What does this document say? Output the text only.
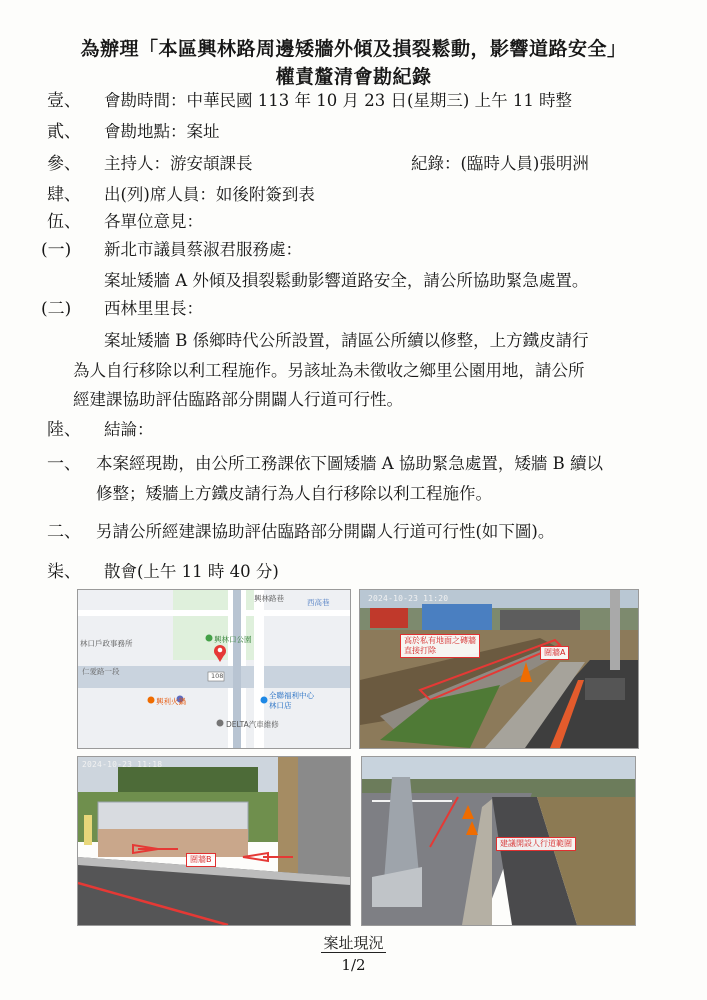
為辦理「本區興林路周邊矮牆外傾及損裂鬆動，影響道路安全」
權責釐清會勘紀錄
壹、 會勘時間：中華民國 113 年 10 月 23 日(星期三) 上午 11 時整
貳、 會勘地點：案址
參、 主持人：游安頡課長	紀錄：(臨時人員)張明洲
肆、 出(列)席人員：如後附簽到表
伍、 各單位意見：
(一) 新北市議員蔡淑君服務處：
案址矮牆 A 外傾及損裂鬆動影響道路安全，請公所協助緊急處置。
(二) 西林里里長：
案址矮牆 B 係鄉時代公所設置，請區公所續以修整，上方鐵皮請行
為人自行移除以利工程施作。另該址為未徵收之鄉里公園用地，請公所
經建課協助評估臨路部分開闢人行道可行性。
陸、 結論：
一、 本案經現勘，由公所工務課依下圖矮牆 A 協助緊急處置，矮牆 B 續以
修整；矮牆上方鐵皮請行為人自行移除以利工程施作。
二、 另請公所經建課協助評估臨路部分開闢人行道可行性(如下圖)。
柒、 散會(上午 11 時 40 分)
興林路巷	西高巷
興林口公園
林口戶政事務所
仁愛路一段	108
興利火鍋
全聯福利中心
林口店
DELTA汽車維修
2024-10-23 11:20
高於私有地面之磚牆
直接打除	圍牆A
2024-10-23 11:18
圍牆B
建議開設人行道範圍
案址現況
1/2
